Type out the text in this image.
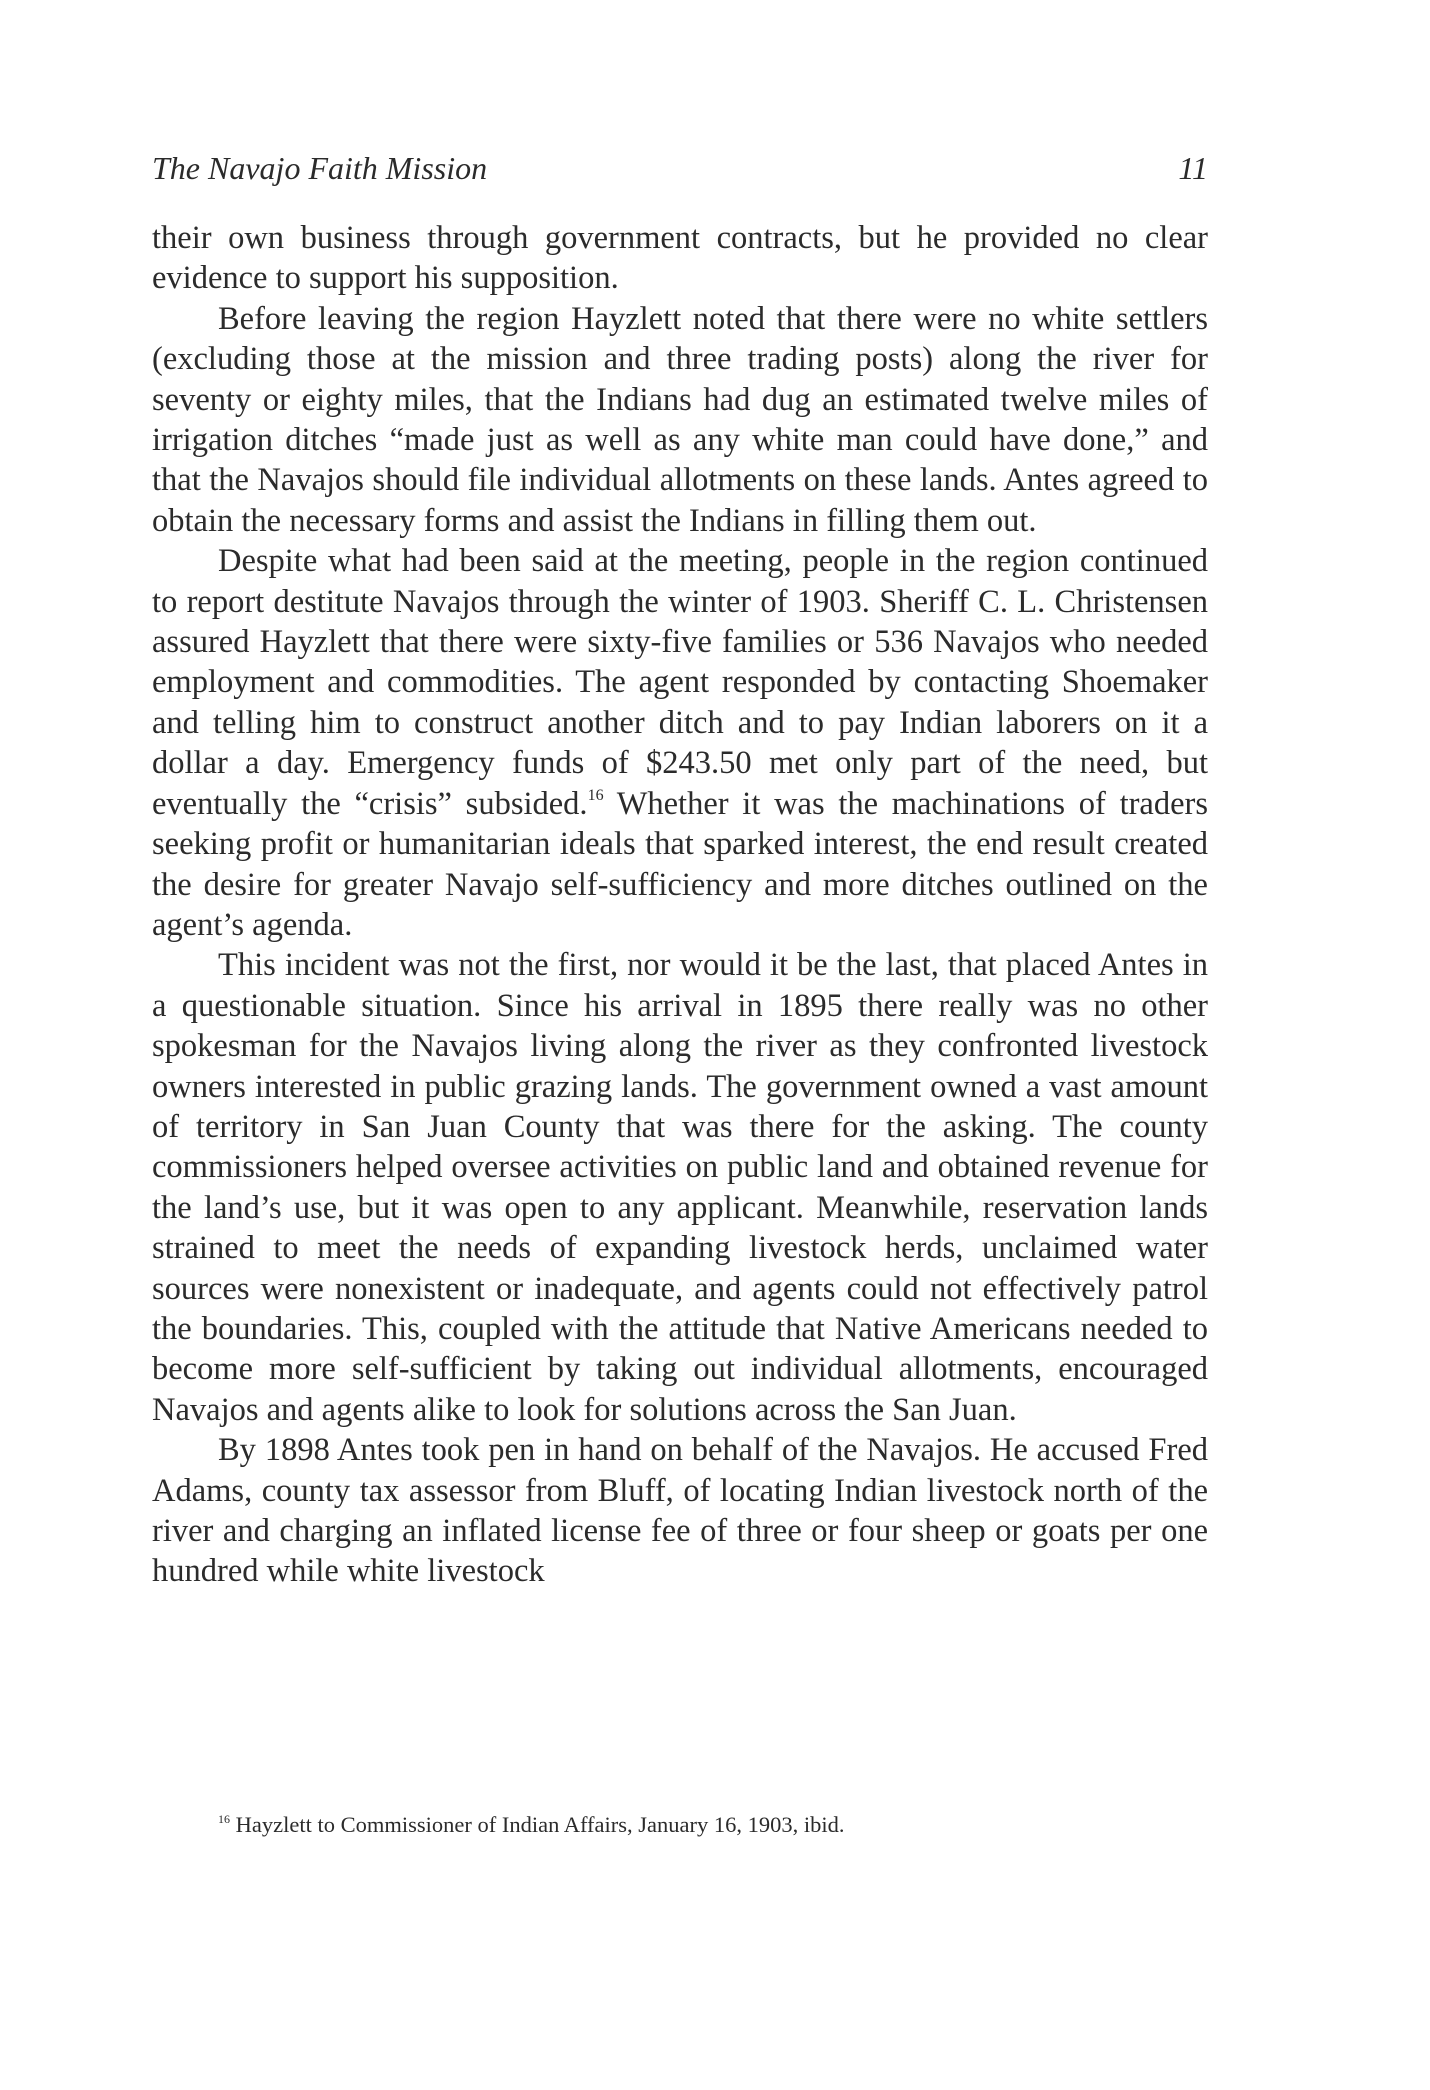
The Navajo Faith Mission	11

their own business through government contracts, but he provided no clear evidence to support his supposition.

Before leaving the region Hayzlett noted that there were no white settlers (excluding those at the mission and three trading posts) along the river for seventy or eighty miles, that the Indians had dug an estimated twelve miles of irrigation ditches “made just as well as any white man could have done,” and that the Navajos should file individual allotments on these lands. Antes agreed to obtain the necessary forms and assist the Indians in filling them out.

Despite what had been said at the meeting, people in the region continued to report destitute Navajos through the winter of 1903. Sheriff C. L. Christensen assured Hayzlett that there were sixty-five families or 536 Navajos who needed employment and commodities. The agent responded by contacting Shoemaker and telling him to construct another ditch and to pay Indian laborers on it a dollar a day. Emergency funds of $243.50 met only part of the need, but eventually the “crisis” subsided.$^{16}$ Whether it was the machinations of traders seeking profit or humanitarian ideals that sparked interest, the end result created the desire for greater Navajo self-sufficiency and more ditches outlined on the agent’s agenda.

This incident was not the first, nor would it be the last, that placed Antes in a questionable situation. Since his arrival in 1895 there really was no other spokesman for the Navajos living along the river as they confronted livestock owners interested in public grazing lands. The government owned a vast amount of territory in San Juan County that was there for the asking. The county commissioners helped oversee activities on public land and obtained revenue for the land’s use, but it was open to any applicant. Meanwhile, reservation lands strained to meet the needs of expanding livestock herds, unclaimed water sources were nonexistent or inadequate, and agents could not effectively patrol the boundaries. This, coupled with the attitude that Native Americans needed to become more self-sufficient by taking out individual allotments, encouraged Navajos and agents alike to look for solutions across the San Juan.

By 1898 Antes took pen in hand on behalf of the Navajos. He accused Fred Adams, county tax assessor from Bluff, of locating Indian livestock north of the river and charging an inflated license fee of three or four sheep or goats per one hundred while white livestock

$^{16}$ Hayzlett to Commissioner of Indian Affairs, January 16, 1903, ibid.
